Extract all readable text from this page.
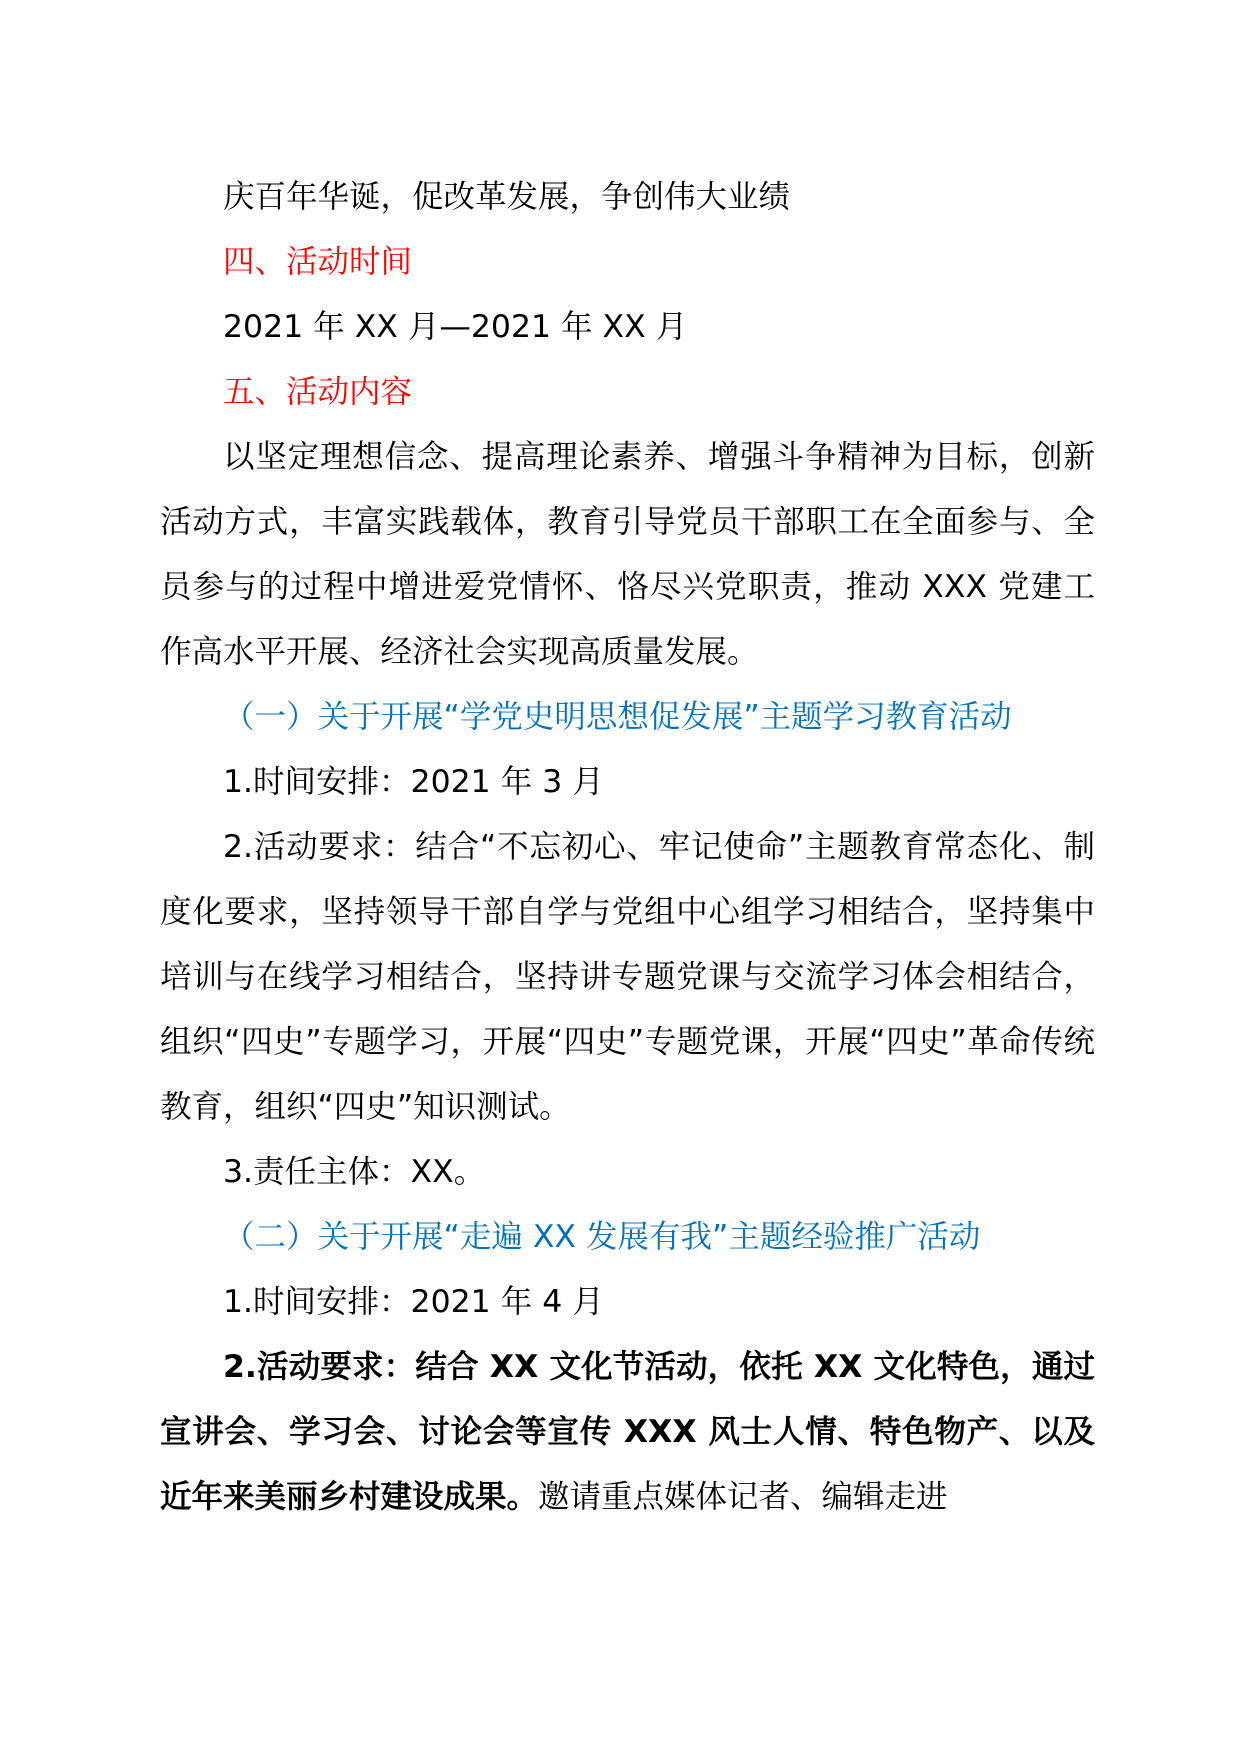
庆百年华诞，促改革发展，争创伟大业绩

四、活动时间

2021 年 XX 月—2021 年 XX 月

五、活动内容

以坚定理想信念、提高理论素养、增强斗争精神为目标，创新活动方式，丰富实践载体，教育引导党员干部职工在全面参与、全员参与的过程中增进爱党情怀、恪尽兴党职责，推动 XXX 党建工作高水平开展、经济社会实现高质量发展。

（一）关于开展“学党史明思想促发展”主题学习教育活动

1.时间安排：2021 年 3 月

2.活动要求：结合“不忘初心、牢记使命”主题教育常态化、制度化要求，坚持领导干部自学与党组中心组学习相结合，坚持集中培训与在线学习相结合，坚持讲专题党课与交流学习体会相结合，组织“四史”专题学习，开展“四史”专题党课，开展“四史”革命传统教育，组织“四史”知识测试。

3.责任主体：XX。

（二）关于开展“走遍 XX 发展有我”主题经验推广活动

1.时间安排：2021 年 4 月

2.活动要求：结合 XX 文化节活动，依托 XX 文化特色，通过宣讲会、学习会、讨论会等宣传 XXX 风士人情、特色物产、以及近年来美丽乡村建设成果。邀请重点媒体记者、编辑走进
